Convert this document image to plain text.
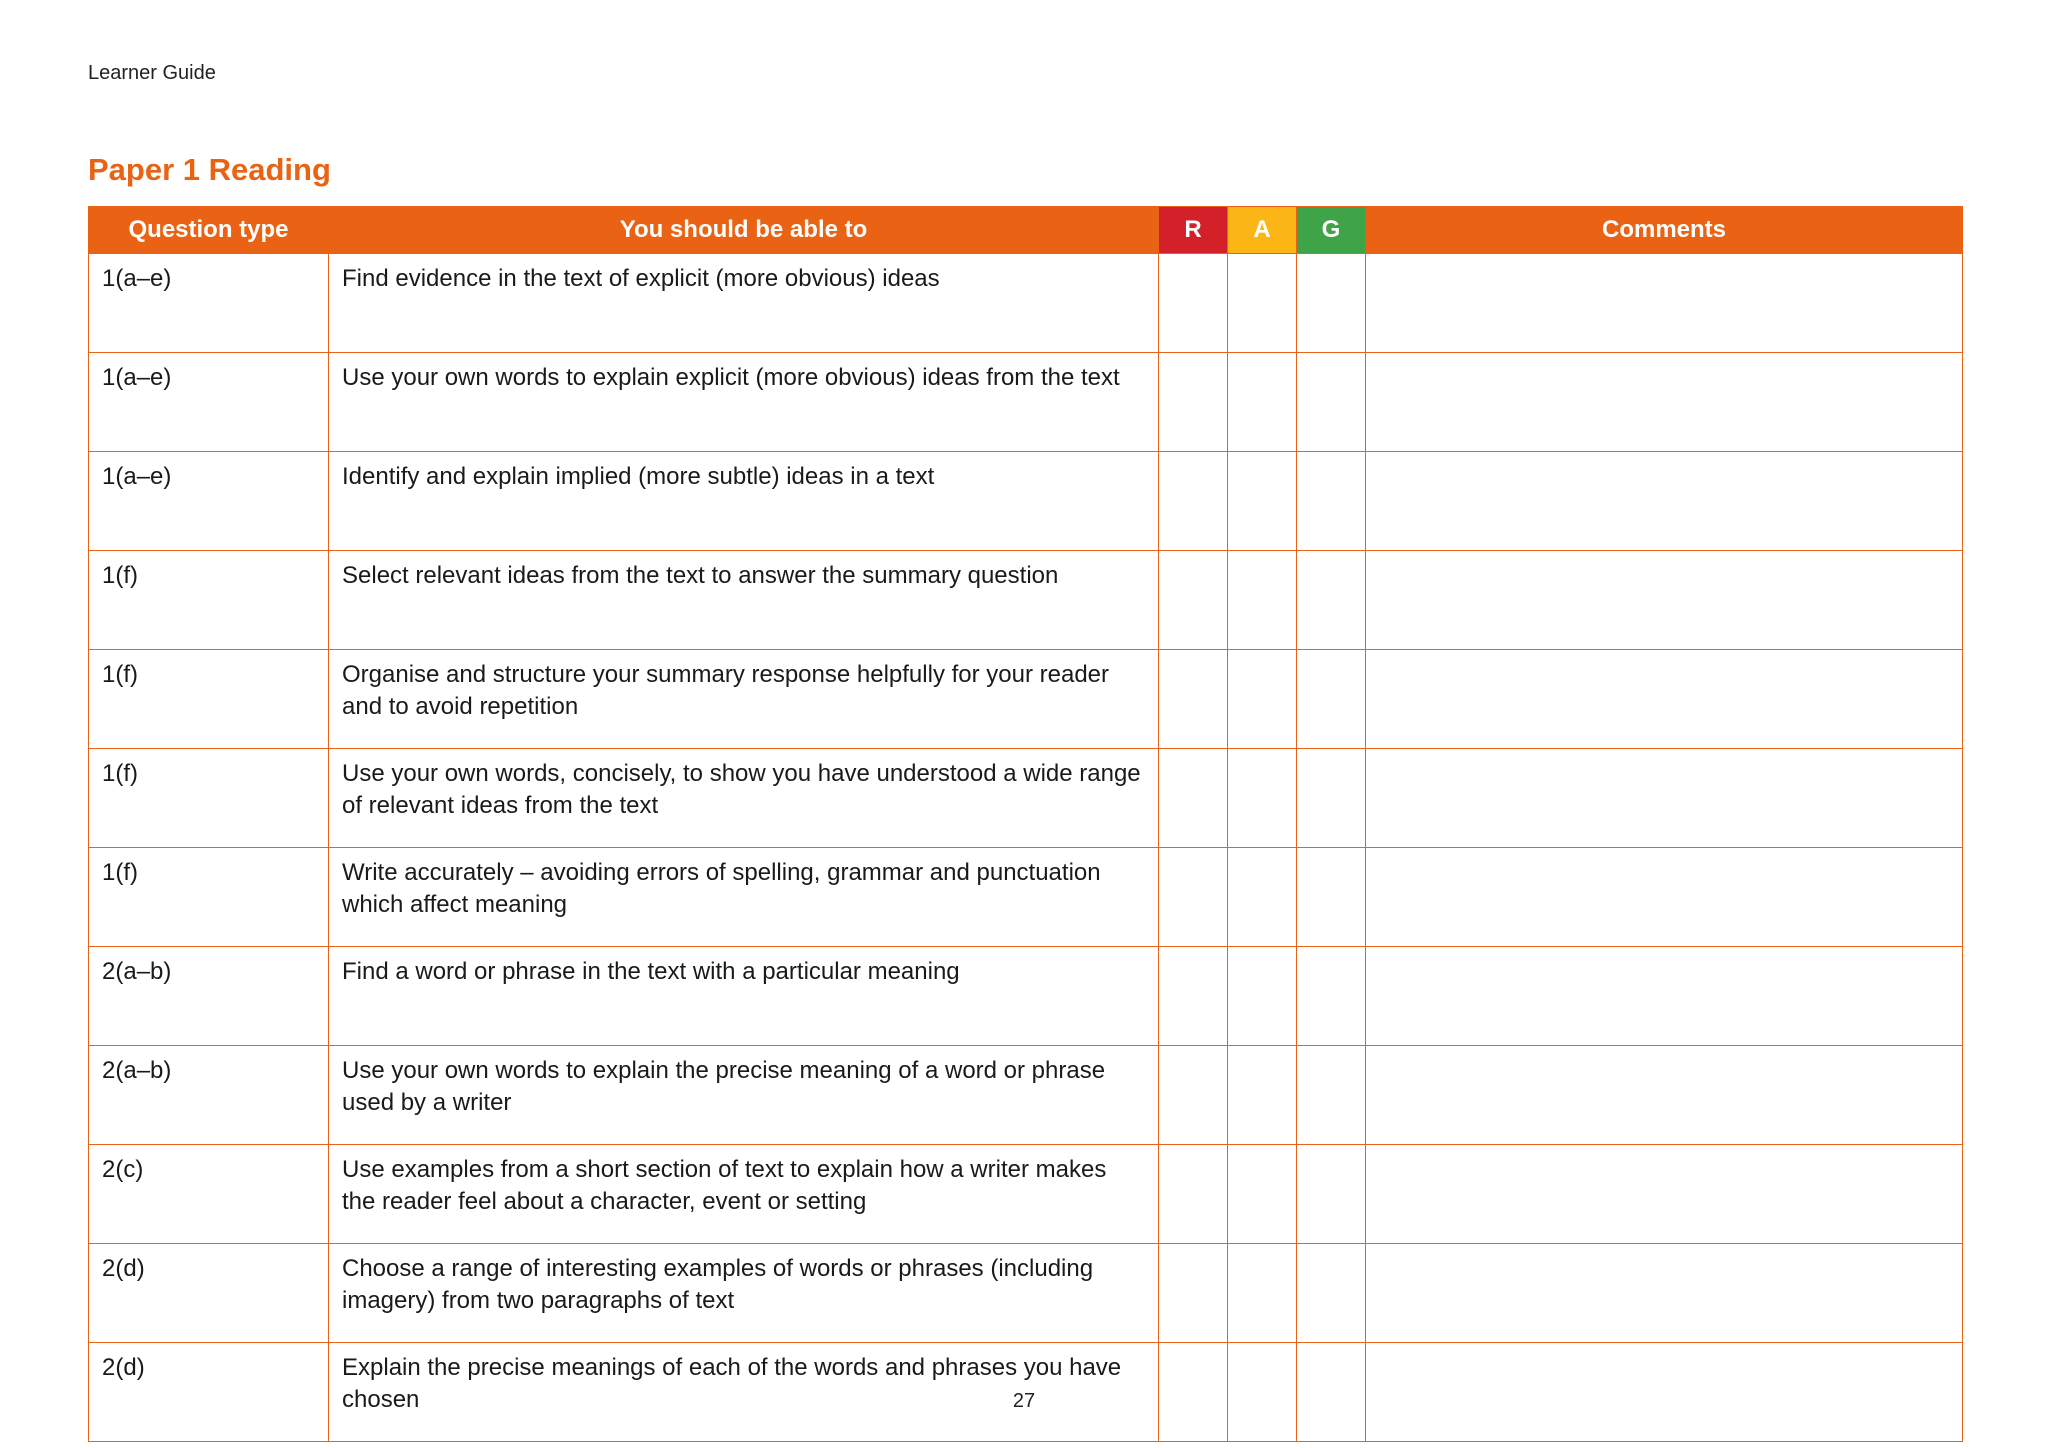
Learner Guide
Paper 1 Reading
Question type	You should be able to	R	A	G	Comments
1(a–e)	Find evidence in the text of explicit (more obvious) ideas				
1(a–e)	Use your own words to explain explicit (more obvious) ideas from the text				
1(a–e)	Identify and explain implied (more subtle) ideas in a text				
1(f)	Select relevant ideas from the text to answer the summary question				
1(f)	Organise and structure your summary response helpfully for your reader and to avoid repetition				
1(f)	Use your own words, concisely, to show you have understood a wide range of relevant ideas from the text				
1(f)	Write accurately – avoiding errors of spelling, grammar and punctuation which affect meaning				
2(a–b)	Find a word or phrase in the text with a particular meaning				
2(a–b)	Use your own words to explain the precise meaning of a word or phrase used by a writer				
2(c)	Use examples from a short section of text to explain how a writer makes the reader feel about a character, event or setting				
2(d)	Choose a range of interesting examples of words or phrases (including imagery) from two paragraphs of text				
2(d)	Explain the precise meanings of each of the words and phrases you have chosen					27
